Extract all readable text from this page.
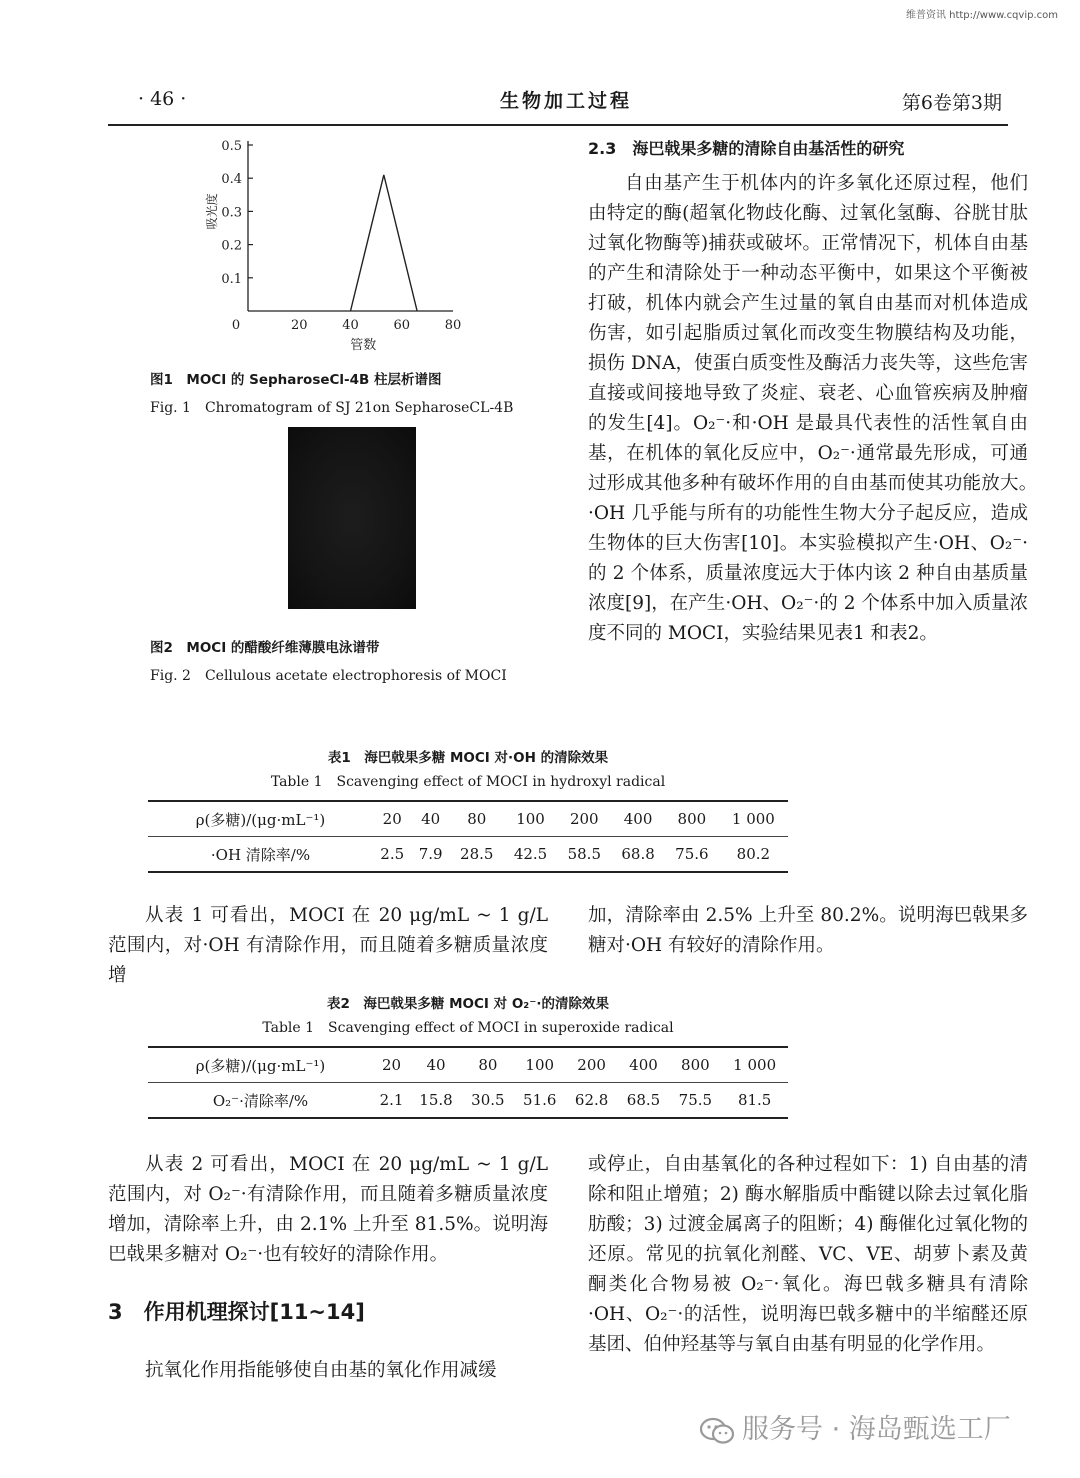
维普资讯 http://www.cqvip.com
· 46 ·	生物加工过程	第6卷第3期
0.1
0.2
0.3
0.4
0.5
0	20	40	60	80
管数
吸光度
图1　MOCI 的 SepharoseCl-4B 柱层析谱图
Fig. 1　Chromatogram of SJ 21on SepharoseCL-4B
图2　MOCI 的醋酸纤维薄膜电泳谱带
Fig. 2　Cellulous acetate electrophoresis of MOCI
2.3　海巴戟果多糖的清除自由基活性的研究
自由基产生于机体内的许多氧化还原过程，他们由特定的酶(超氧化物歧化酶、过氧化氢酶、谷胱甘肽过氧化物酶等)捕获或破坏。正常情况下，机体自由基的产生和清除处于一种动态平衡中，如果这个平衡被打破，机体内就会产生过量的氧自由基而对机体造成伤害，如引起脂质过氧化而改变生物膜结构及功能，损伤 DNA，使蛋白质变性及酶活力丧失等，这些危害直接或间接地导致了炎症、衰老、心血管疾病及肿瘤的发生[4]。O₂⁻·和·OH 是最具代表性的活性氧自由基，在机体的氧化反应中，O₂⁻·通常最先形成，可通过形成其他多种有破坏作用的自由基而使其功能放大。·OH 几乎能与所有的功能性生物大分子起反应，造成生物体的巨大伤害[10]。本实验模拟产生·OH、O₂⁻·的 2 个体系，质量浓度远大于体内该 2 种自由基质量浓度[9]，在产生·OH、O₂⁻·的 2 个体系中加入质量浓度不同的 MOCI，实验结果见表1 和表2。
表1　海巴戟果多糖 MOCI 对·OH 的清除效果
Table 1　Scavenging effect of MOCI in hydroxyl radical
ρ(多糖)/(μg·mL⁻¹)	20	40	80	100	200	400	800	1 000
·OH 清除率/%	2.5	7.9	28.5	42.5	58.5	68.8	75.6	80.2
从表 1 可看出，MOCI 在 20 μg/mL ~ 1 g/L 范围内，对·OH 有清除作用，而且随着多糖质量浓度增
加，清除率由 2.5% 上升至 80.2%。说明海巴戟果多糖对·OH 有较好的清除作用。
表2　海巴戟果多糖 MOCI 对 O₂⁻·的清除效果
Table 1　Scavenging effect of MOCI in superoxide radical
ρ(多糖)/(μg·mL⁻¹)	20	40	80	100	200	400	800	1 000
O₂⁻·清除率/%	2.1	15.8	30.5	51.6	62.8	68.5	75.5	81.5
从表 2 可看出，MOCI 在 20 μg/mL ~ 1 g/L 范围内，对 O₂⁻·有清除作用，而且随着多糖质量浓度增加，清除率上升，由 2.1% 上升至 81.5%。说明海巴戟果多糖对 O₂⁻·也有较好的清除作用。
3　作用机理探讨[11~14]
抗氧化作用指能够使自由基的氧化作用减缓
或停止，自由基氧化的各种过程如下：1) 自由基的清除和阻止增殖；2) 酶水解脂质中酯键以除去过氧化脂肪酸；3) 过渡金属离子的阻断；4) 酶催化过氧化物的还原。常见的抗氧化剂醛、VC、VE、胡萝卜素及黄酮类化合物易被 O₂⁻·氧化。海巴戟多糖具有清除·OH、O₂⁻·的活性，说明海巴戟多糖中的半缩醛还原基团、伯仲羟基等与氧自由基有明显的化学作用。
服务号 · 海岛甄选工厂
